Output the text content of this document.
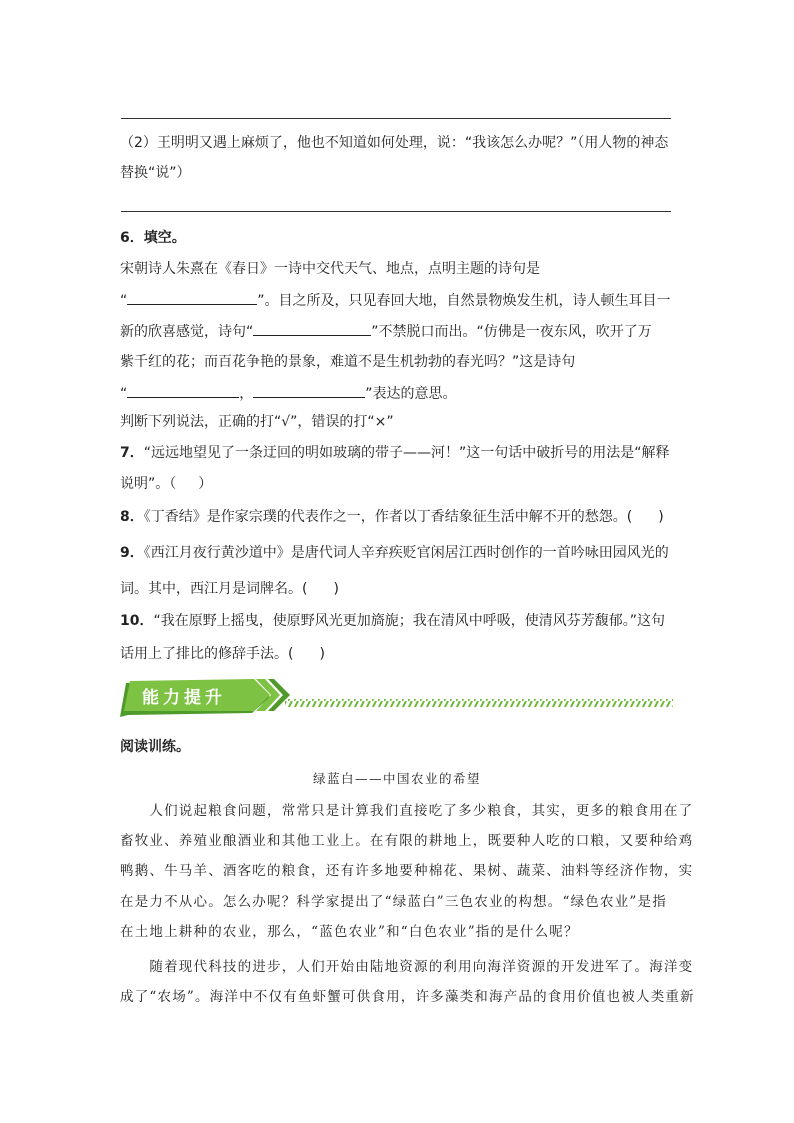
（2）王明明又遇上麻烦了，他也不知道如何处理，说：“我该怎么办呢？”（用人物的神态
替换“说”）
6．填空。
宋朝诗人朱熹在《春日》一诗中交代天气、地点，点明主题的诗句是
“	”。目之所及，只见春回大地，自然景物焕发生机，诗人顿生耳目一
新的欣喜感觉，诗句“	”不禁脱口而出。“仿佛是一夜东风，吹开了万
紫千红的花；而百花争艳的景象，难道不是生机勃勃的春光吗？”这是诗句
“	，	”表达的意思。
判断下列说法，正确的打“√”，错误的打“×”
7．“远远地望见了一条迂回的明如玻璃的带子——河！”这一句话中破折号的用法是“解释
说明”。（ ）
8．《丁香结》是作家宗璞的代表作之一，作者以丁香结象征生活中解不开的愁怨。( )
9．《西江月夜行黄沙道中》是唐代词人辛弃疾贬官闲居江西时创作的一首吟咏田园风光的
词。其中，西江月是词牌名。( )
10．“我在原野上摇曳，使原野风光更加旖旎；我在清风中呼吸，使清风芬芳馥郁。”这句
话用上了排比的修辞手法。( )
能力提升
阅读训练。
绿蓝白——中国农业的希望
　　人们说起粮食问题，常常只是计算我们直接吃了多少粮食，其实，更多的粮食用在了
畜牧业、养殖业酿酒业和其他工业上。在有限的耕地上，既要种人吃的口粮，又要种给鸡
鸭鹅、牛马羊、酒客吃的粮食，还有许多地要种棉花、果树、蔬菜、油料等经济作物，实
在是力不从心。怎么办呢？科学家提出了“绿蓝白”三色农业的构想。“绿色农业”是指
在土地上耕种的农业，那么，“蓝色农业”和“白色农业”指的是什么呢？
　　随着现代科技的进步，人们开始由陆地资源的利用向海洋资源的开发进军了。海洋变
成了“农场”。海洋中不仅有鱼虾蟹可供食用，许多藻类和海产品的食用价值也被人类重新
